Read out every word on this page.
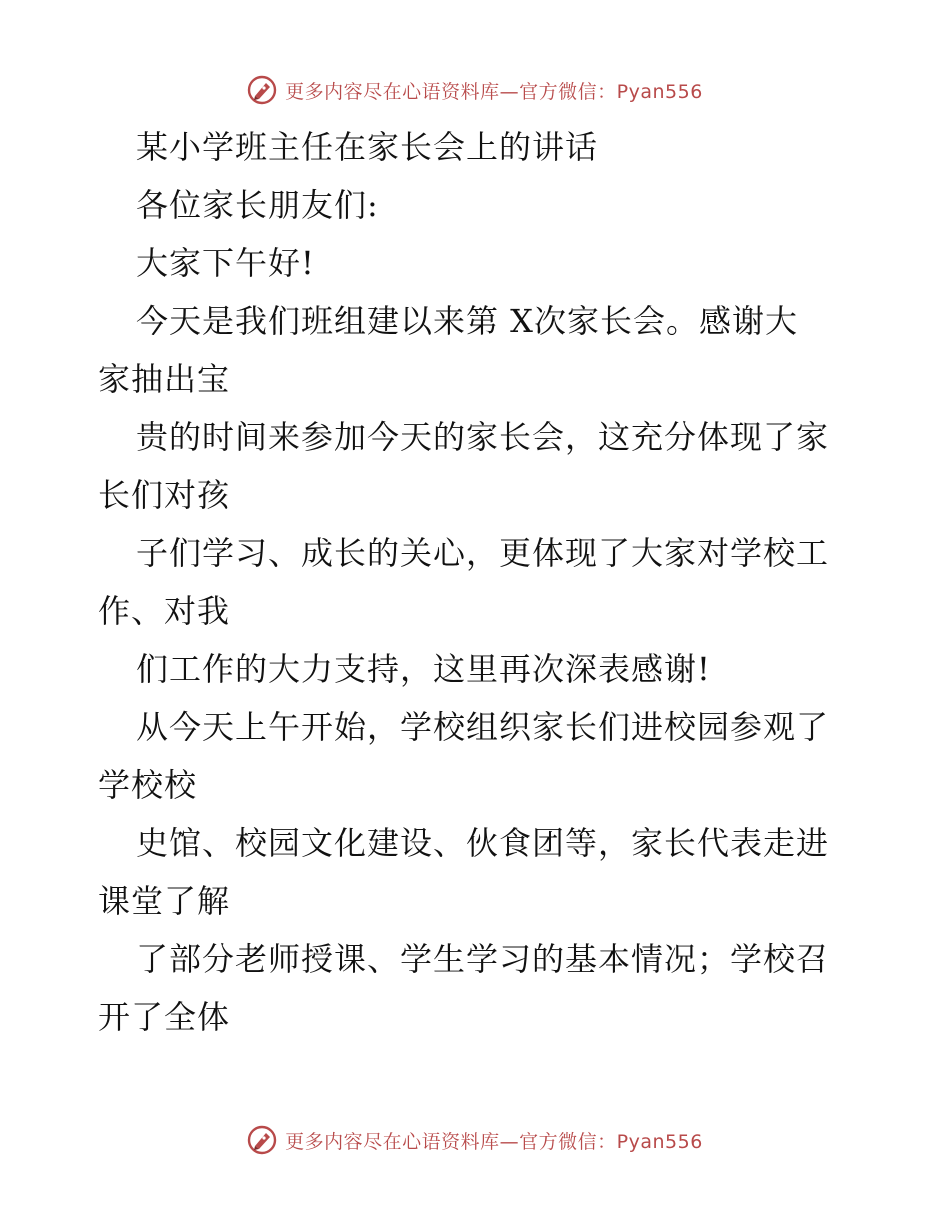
更多内容尽在心语资料库—官方微信：Pyan556
某小学班主任在家长会上的讲话
各位家长朋友们:
大家下午好!
今天是我们班组建以来第 X次家长会。感谢大
家抽出宝
贵的时间来参加今天的家长会，这充分体现了家
长们对孩
子们学习、成长的关心，更体现了大家对学校工
作、对我
们工作的大力支持，这里再次深表感谢!
从今天上午开始，学校组织家长们进校园参观了
学校校
史馆、校园文化建设、伙食团等，家长代表走进
课堂了解
了部分老师授课、学生学习的基本情况；学校召
开了全体
更多内容尽在心语资料库—官方微信：Pyan556
